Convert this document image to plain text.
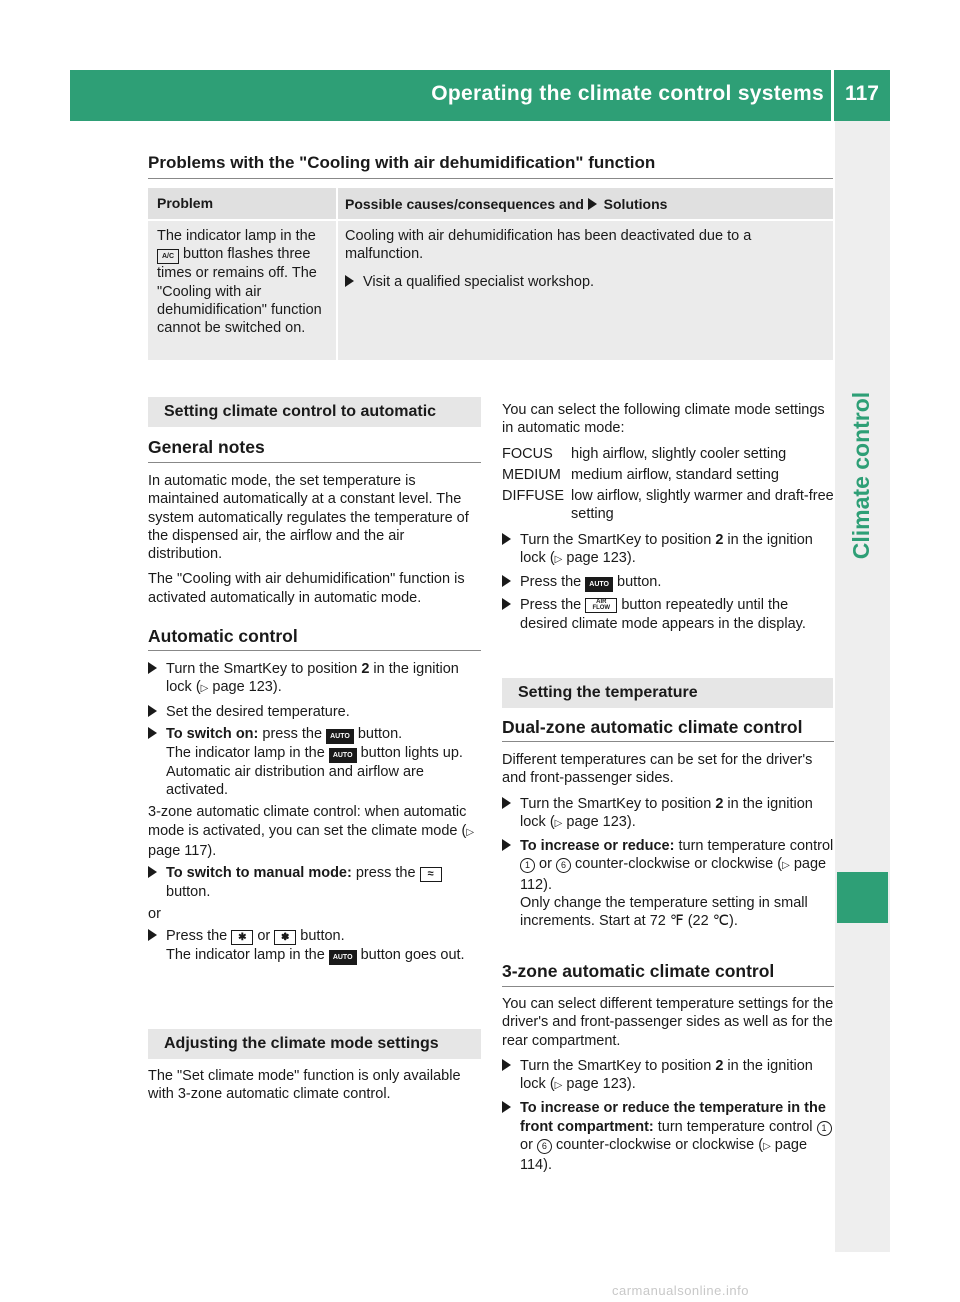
Operating the climate control systems 117
Climate control
Problems with the "Cooling with air dehumidification" function
Problem	Possible causes/consequences and Solutions
The indicator lamp in the A/C button flashes three times or remains off. The "Cooling with air dehumidification" function cannot be switched on.

Cooling with air dehumidification has been deactivated due to a malfunction.

Visit a qualified specialist workshop.
Setting climate control to automatic
General notes

In automatic mode, the set temperature is maintained automatically at a constant level. The system automatically regulates the temperature of the dispensed air, the airflow and the air distribution.

The "Cooling with air dehumidification" function is activated automatically in automatic mode.

Automatic control
Turn the SmartKey to position 2 in the ignition lock (▷ page 123).
Set the desired temperature.
To switch on: press the AUTO button.
The indicator lamp in the AUTO button lights up. Automatic air distribution and airflow are activated.

3-zone automatic climate control: when automatic mode is activated, you can set the climate mode (▷ page 117).

To switch to manual mode: press the ≈
button.

or

Press the ✱ or ✽ button.
The indicator lamp in the AUTO button goes out.
Adjusting the climate mode settings
The "Set climate mode" function is only available with 3-zone automatic climate control.

You can select the following climate mode settings in automatic mode:

FOCUS	high airflow, slightly cooler setting
MEDIUM medium airflow, standard setting
DIFFUSE low airflow, slightly warmer and draft-free setting
Turn the SmartKey to position 2 in the ignition lock (▷ page 123).
Press the AUTO button.
Press the AIR FLOW button repeatedly until the desired climate mode appears in the display.
Setting the temperature
Dual-zone automatic climate control

Different temperatures can be set for the driver's and front-passenger sides.

Turn the SmartKey to position 2 in the ignition lock (▷ page 123).
To increase or reduce: turn temperature control 1 or 6 counter-clockwise or clockwise (▷ page 112).
Only change the temperature setting in small increments. Start at 72 ℉ (22 ℃).
3-zone automatic climate control

You can select different temperature settings for the driver's and front-passenger sides as well as for the rear compartment.

Turn the SmartKey to position 2 in the ignition lock (▷ page 123).
To increase or reduce the temperature in the front compartment: turn temperature control 1 or 6 counter-clockwise or clockwise (▷ page 114).
carmanualsonline.info
